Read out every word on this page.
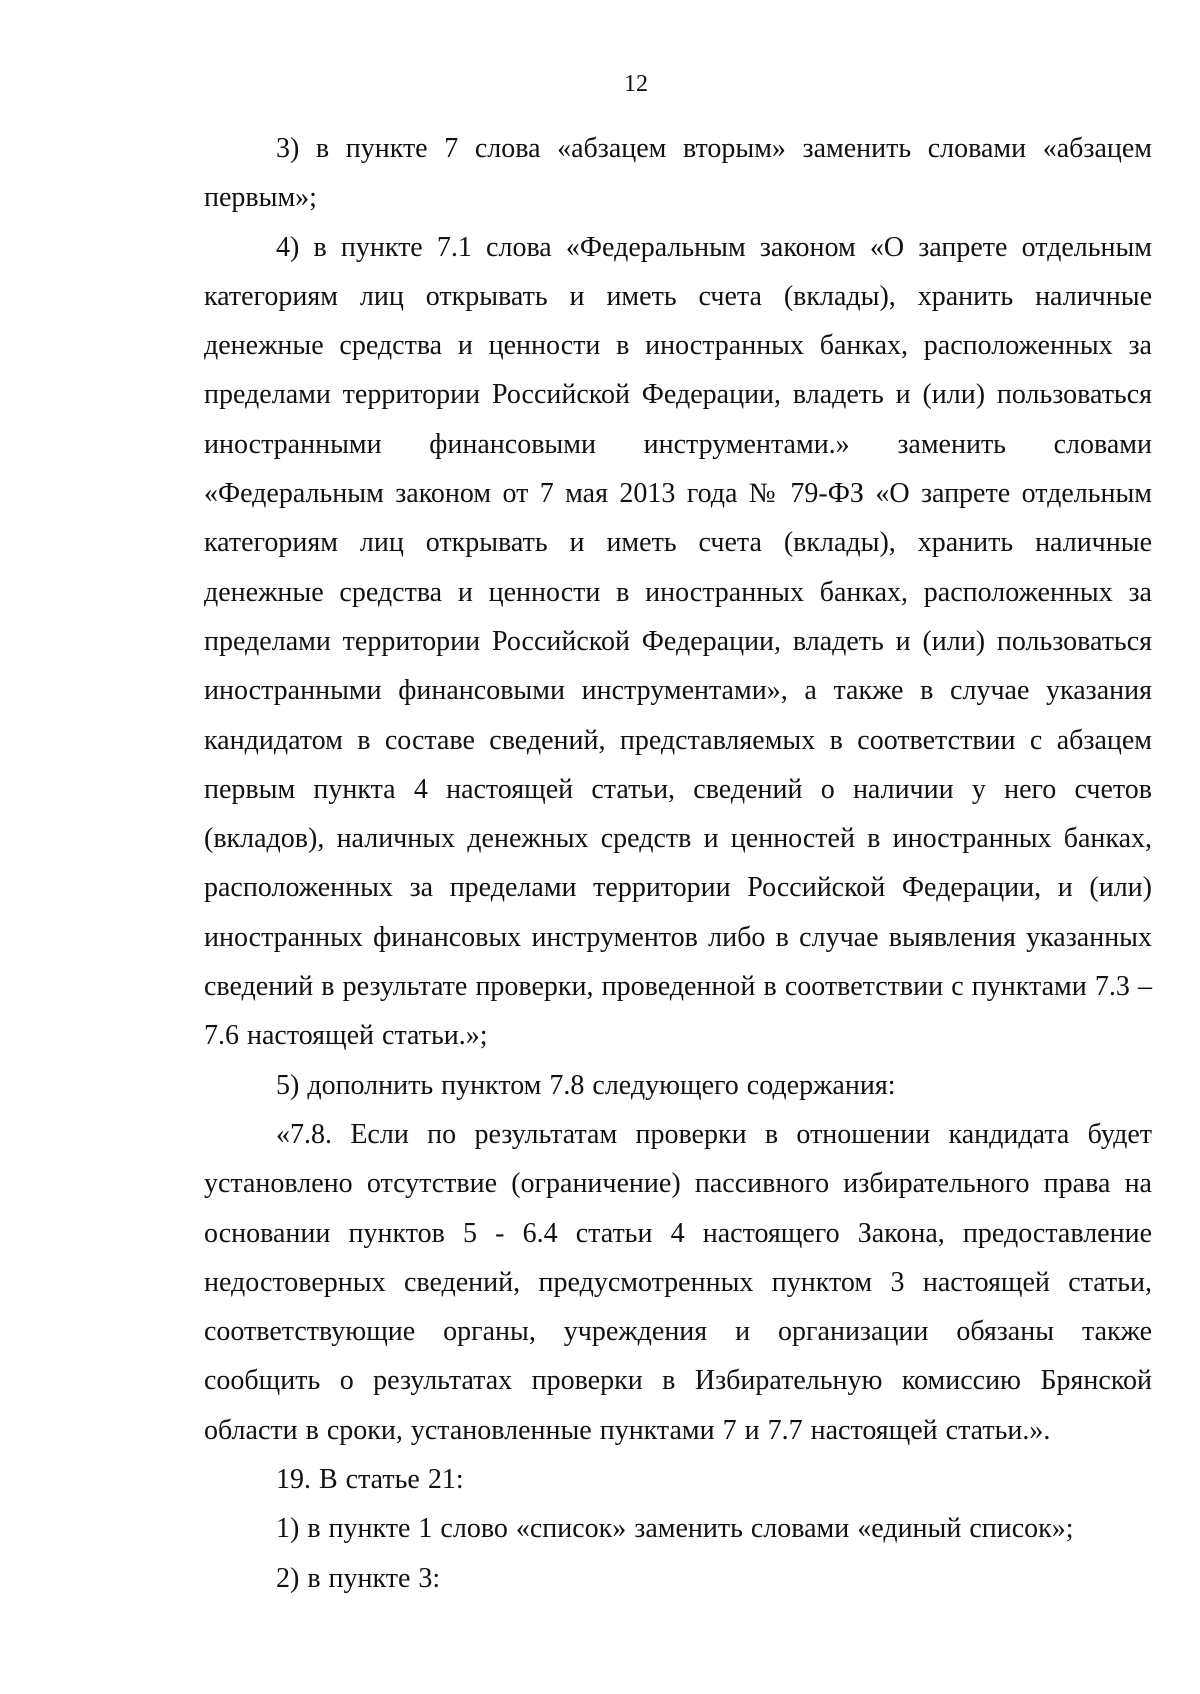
12

3) в пункте 7 слова «абзацем вторым» заменить словами «абзацем первым»;

4) в пункте 7.1 слова «Федеральным законом «О запрете отдельным категориям лиц открывать и иметь счета (вклады), хранить наличные денежные средства и ценности в иностранных банках, расположенных за пределами территории Российской Федерации, владеть и (или) пользоваться иностранными финансовыми инструментами.» заменить словами «Федеральным законом от 7 мая 2013 года № 79-ФЗ «О запрете отдельным категориям лиц открывать и иметь счета (вклады), хранить наличные денежные средства и ценности в иностранных банках, расположенных за пределами территории Российской Федерации, владеть и (или) пользоваться иностранными финансовыми инструментами», а также в случае указания кандидатом в составе сведений, представляемых в соответствии с абзацем первым пункта 4 настоящей статьи, сведений о наличии у него счетов (вкладов), наличных денежных средств и ценностей в иностранных банках, расположенных за пределами территории Российской Федерации, и (или) иностранных финансовых инструментов либо в случае выявления указанных сведений в результате проверки, проведенной в соответствии с пунктами 7.3 – 7.6 настоящей статьи.»;

5) дополнить пунктом 7.8 следующего содержания:

«7.8. Если по результатам проверки в отношении кандидата будет установлено отсутствие (ограничение) пассивного избирательного права на основании пунктов 5 - 6.4 статьи 4 настоящего Закона, предоставление недостоверных сведений, предусмотренных пунктом 3 настоящей статьи, соответствующие органы, учреждения и организации обязаны также сообщить о результатах проверки в Избирательную комиссию Брянской области в сроки, установленные пунктами 7 и 7.7 настоящей статьи.».

19. В статье 21:

1) в пункте 1 слово «список» заменить словами «единый список»;

2) в пункте 3:
